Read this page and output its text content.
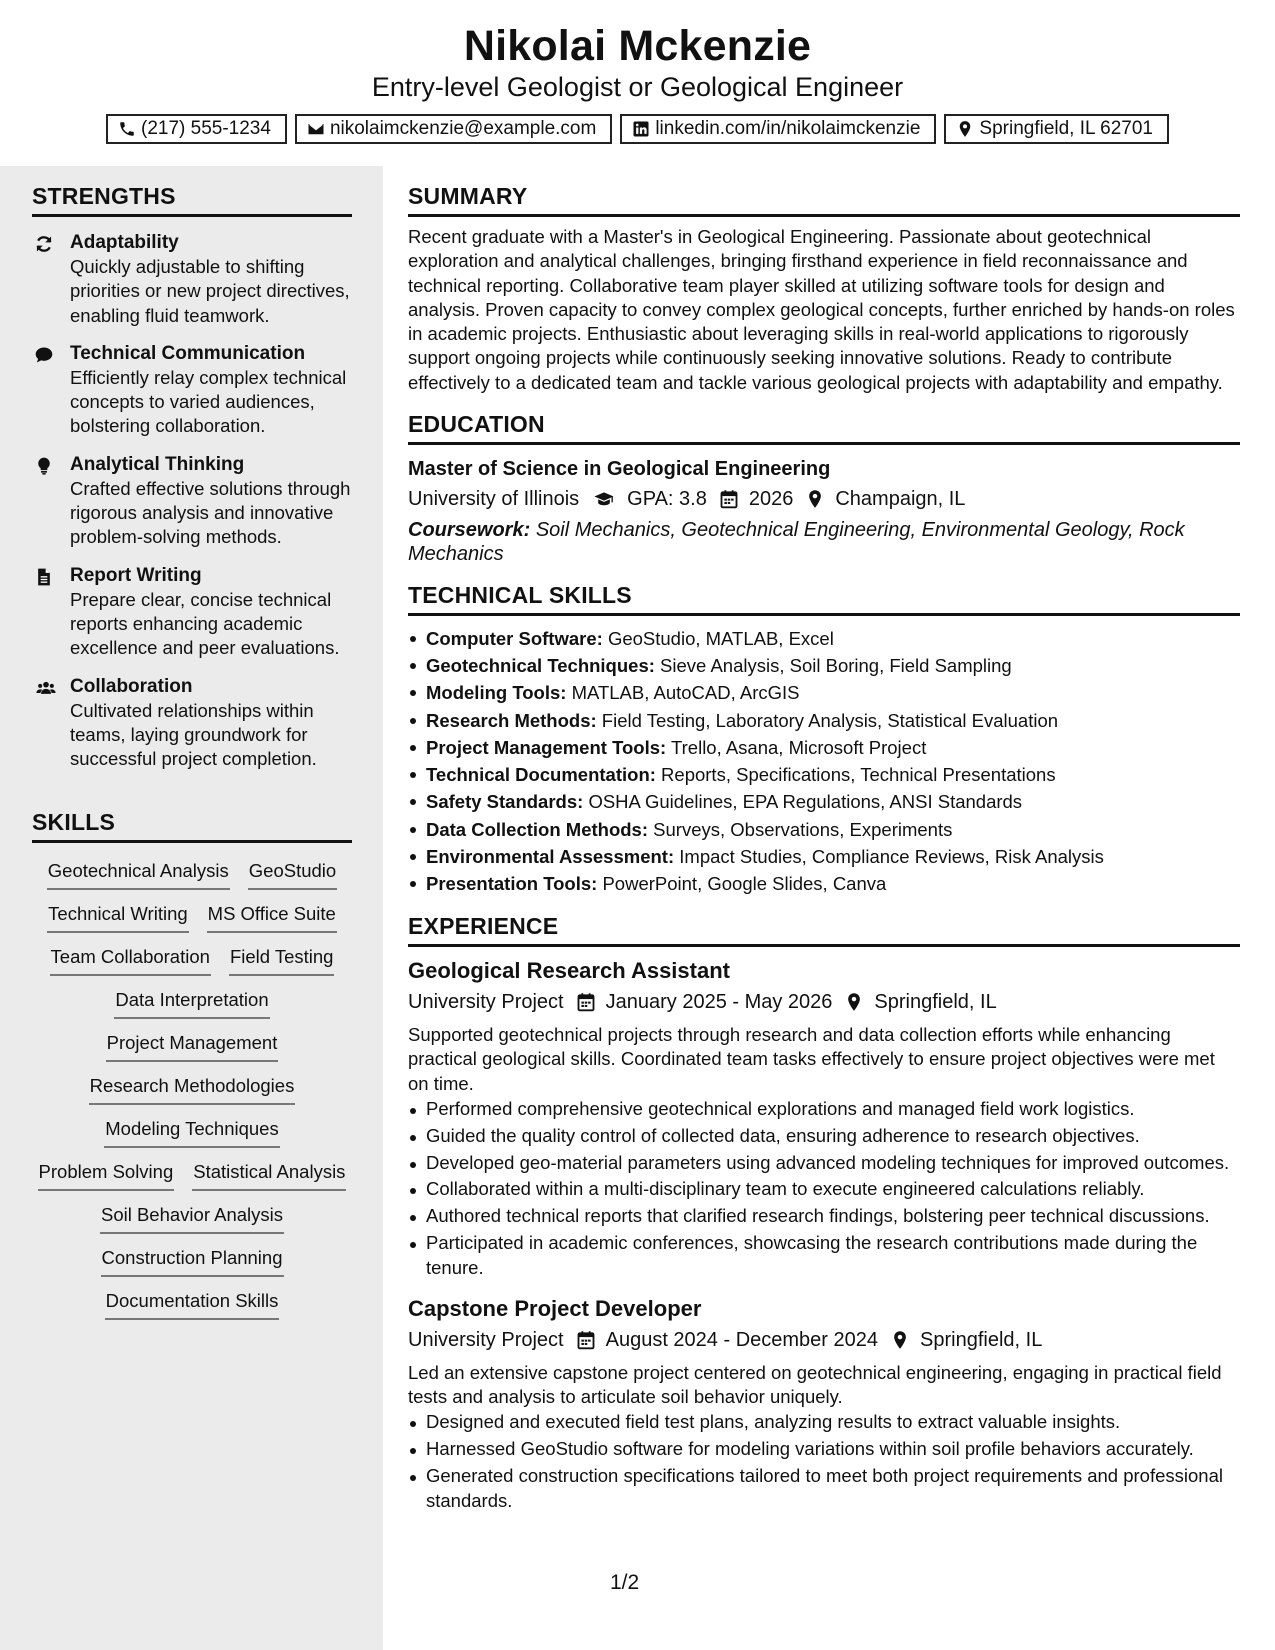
Nikolai Mckenzie
Entry-level Geologist or Geological Engineer
(217) 555-1234	nikolaimckenzie@example.com	linkedin.com/in/nikolaimckenzie	Springfield, IL 62701
STRENGTHS
Adaptability
Quickly adjustable to shifting priorities or new project directives, enabling fluid teamwork.
Technical Communication
Efficiently relay complex technical concepts to varied audiences, bolstering collaboration.
Analytical Thinking
Crafted effective solutions through rigorous analysis and innovative problem-solving methods.
Report Writing
Prepare clear, concise technical reports enhancing academic excellence and peer evaluations.
Collaboration
Cultivated relationships within teams, laying groundwork for successful project completion.
SKILLS
Geotechnical Analysis GeoStudio
Technical Writing MS Office Suite
Team Collaboration Field Testing
Data Interpretation
Project Management
Research Methodologies
Modeling Techniques
Problem Solving Statistical Analysis
Soil Behavior Analysis
Construction Planning
Documentation Skills
SUMMARY
Recent graduate with a Master's in Geological Engineering. Passionate about geotechnical exploration and analytical challenges, bringing firsthand experience in field reconnaissance and technical reporting. Collaborative team player skilled at utilizing software tools for design and analysis. Proven capacity to convey complex geological concepts, further enriched by hands-on roles in academic projects. Enthusiastic about leveraging skills in real-world applications to rigorously support ongoing projects while continuously seeking innovative solutions. Ready to contribute effectively to a dedicated team and tackle various geological projects with adaptability and empathy.
EDUCATION
Master of Science in Geological Engineering
University of Illinois GPA: 3.8 2026 Champaign, IL
Coursework: Soil Mechanics, Geotechnical Engineering, Environmental Geology, Rock Mechanics
TECHNICAL SKILLS
Computer Software: GeoStudio, MATLAB, Excel
Geotechnical Techniques: Sieve Analysis, Soil Boring, Field Sampling
Modeling Tools: MATLAB, AutoCAD, ArcGIS
Research Methods: Field Testing, Laboratory Analysis, Statistical Evaluation
Project Management Tools: Trello, Asana, Microsoft Project
Technical Documentation: Reports, Specifications, Technical Presentations
Safety Standards: OSHA Guidelines, EPA Regulations, ANSI Standards
Data Collection Methods: Surveys, Observations, Experiments
Environmental Assessment: Impact Studies, Compliance Reviews, Risk Analysis
Presentation Tools: PowerPoint, Google Slides, Canva
EXPERIENCE
Geological Research Assistant
University Project January 2025 - May 2026 Springfield, IL
Supported geotechnical projects through research and data collection efforts while enhancing practical geological skills. Coordinated team tasks effectively to ensure project objectives were met on time.
Performed comprehensive geotechnical explorations and managed field work logistics.
Guided the quality control of collected data, ensuring adherence to research objectives.
Developed geo-material parameters using advanced modeling techniques for improved outcomes.
Collaborated within a multi-disciplinary team to execute engineered calculations reliably.
Authored technical reports that clarified research findings, bolstering peer technical discussions.
Participated in academic conferences, showcasing the research contributions made during the tenure.
Capstone Project Developer
University Project August 2024 - December 2024 Springfield, IL
Led an extensive capstone project centered on geotechnical engineering, engaging in practical field tests and analysis to articulate soil behavior uniquely.
Designed and executed field test plans, analyzing results to extract valuable insights.
Harnessed GeoStudio software for modeling variations within soil profile behaviors accurately.
Generated construction specifications tailored to meet both project requirements and professional standards.
1/2
